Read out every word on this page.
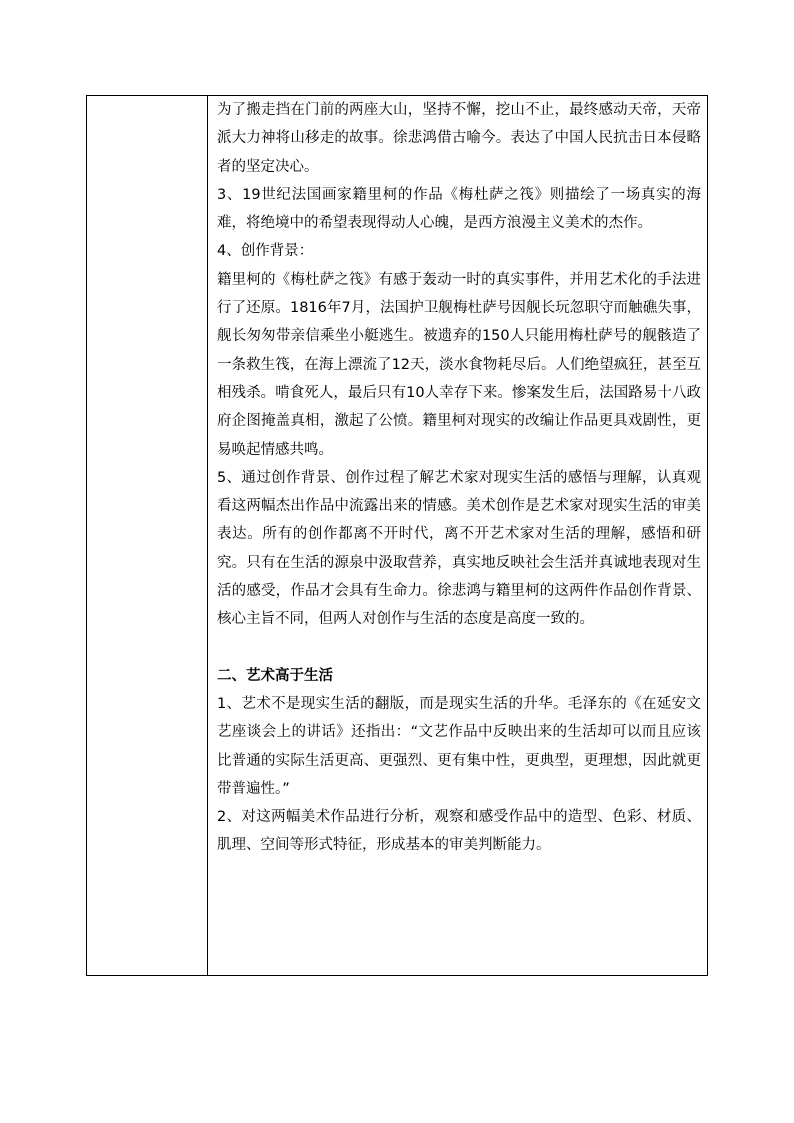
为了搬走挡在门前的两座大山，坚持不懈，挖山不止，最终感动天帝，天帝派大力神将山移走的故事。徐悲鸿借古喻今。表达了中国人民抗击日本侵略者的坚定决心。

3、19世纪法国画家籍里柯的作品《梅杜萨之筏》则描绘了一场真实的海难，将绝境中的希望表现得动人心魄，是西方浪漫主义美术的杰作。

4、创作背景：

籍里柯的《梅杜萨之筏》有感于轰动一时的真实事件，并用艺术化的手法进行了还原。1816年7月，法国护卫舰梅杜萨号因舰长玩忽职守而触礁失事，舰长匆匆带亲信乘坐小艇逃生。被遗弃的150人只能用梅杜萨号的舰骸造了一条救生筏，在海上漂流了12天，淡水食物耗尽后。人们绝望疯狂，甚至互相残杀。啃食死人，最后只有10人幸存下来。惨案发生后，法国路易十八政府企图掩盖真相，激起了公愤。籍里柯对现实的改编让作品更具戏剧性，更易唤起情感共鸣。

5、通过创作背景、创作过程了解艺术家对现实生活的感悟与理解，认真观看这两幅杰出作品中流露出来的情感。美术创作是艺术家对现实生活的审美表达。所有的创作都离不开时代，离不开艺术家对生活的理解，感悟和研究。只有在生活的源泉中汲取营养，真实地反映社会生活并真诚地表现对生活的感受，作品才会具有生命力。徐悲鸿与籍里柯的这两件作品创作背景、核心主旨不同，但两人对创作与生活的态度是高度一致的。

二、艺术高于生活

1、艺术不是现实生活的翻版，而是现实生活的升华。毛泽东的《在延安文艺座谈会上的讲话》还指出：“文艺作品中反映出来的生活却可以而且应该比普通的实际生活更高、更强烈、更有集中性，更典型，更理想，因此就更带普遍性。”

2、对这两幅美术作品进行分析，观察和感受作品中的造型、色彩、材质、肌理、空间等形式特征，形成基本的审美判断能力。
